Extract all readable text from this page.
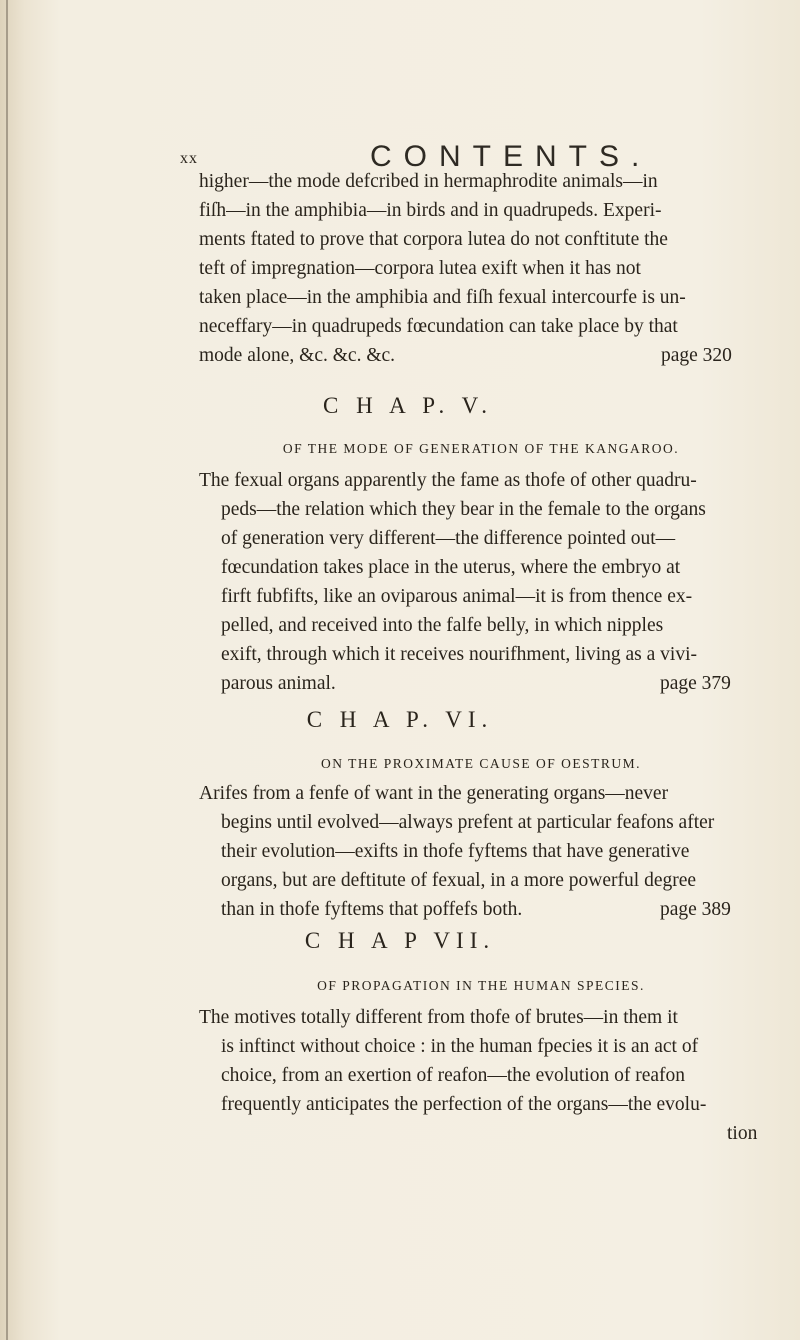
xx	CONTENTS.
higher—the mode defcribed in hermaphrodite animals—in
fiſh—in the amphibia—in birds and in quadrupeds. Experi-
ments ftated to prove that corpora lutea do not conftitute the
teft of impregnation—corpora lutea exift when it has not
taken place—in the amphibia and fiſh fexual intercourfe is un-
neceffary—in quadrupeds fœcundation can take place by that
mode alone, &c. &c. &c.	page 320
C H A P. V.
OF THE MODE OF GENERATION OF THE KANGAROO.
The fexual organs apparently the fame as thofe of other quadru-
peds—the relation which they bear in the female to the organs
of generation very different—the difference pointed out—
fœcundation takes place in the uterus, where the embryo at
firft fubfifts, like an oviparous animal—it is from thence ex-
pelled, and received into the falfe belly, in which nipples
exift, through which it receives nourifhment, living as a vivi-
parous animal.	page 379
C H A P. VI.
ON THE PROXIMATE CAUSE OF OESTRUM.
Arifes from a fenfe of want in the generating organs—never
begins until evolved—always prefent at particular feafons after
their evolution—exifts in thofe fyftems that have generative
organs, but are deftitute of fexual, in a more powerful degree
than in thofe fyftems that poffefs both.	page 389
C H A P VII.
OF PROPAGATION IN THE HUMAN SPECIES.
The motives totally different from thofe of brutes—in them it
is inftinct without choice : in the human fpecies it is an act of
choice, from an exertion of reafon—the evolution of reafon
frequently anticipates the perfection of the organs—the evolu-
tion
